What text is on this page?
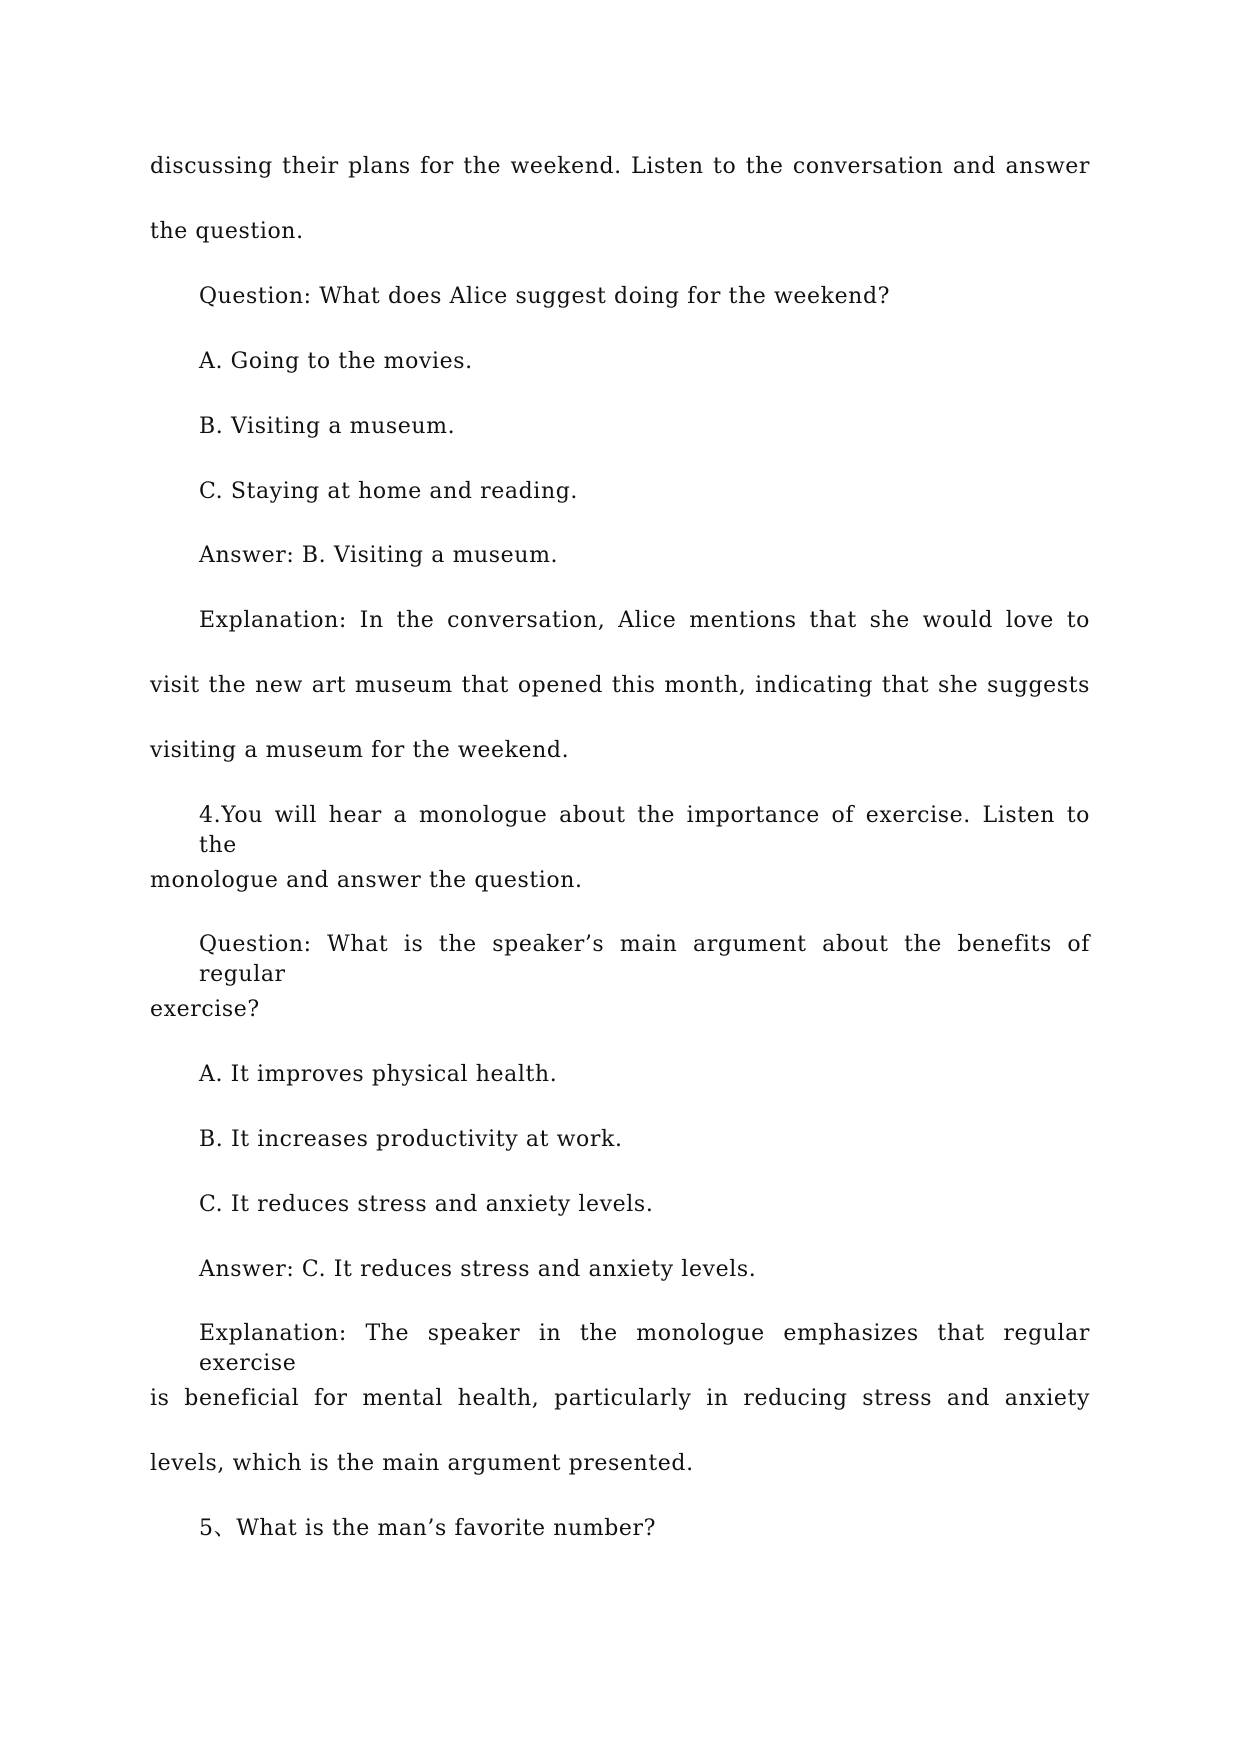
discussing their plans for the weekend. Listen to the conversation and answer
the question.
Question: What does Alice suggest doing for the weekend?
A. Going to the movies.
B. Visiting a museum.
C. Staying at home and reading.
Answer: B. Visiting a museum.
Explanation: In the conversation, Alice mentions that she would love to
visit the new art museum that opened this month, indicating that she suggests
visiting a museum for the weekend.
4.You will hear a monologue about the importance of exercise. Listen to the
monologue and answer the question.
Question: What is the speaker’s main argument about the benefits of regular
exercise?
A. It improves physical health.
B. It increases productivity at work.
C. It reduces stress and anxiety levels.
Answer: C. It reduces stress and anxiety levels.
Explanation: The speaker in the monologue emphasizes that regular exercise
is beneficial for mental health, particularly in reducing stress and anxiety
levels, which is the main argument presented.
5、What is the man’s favorite number?
